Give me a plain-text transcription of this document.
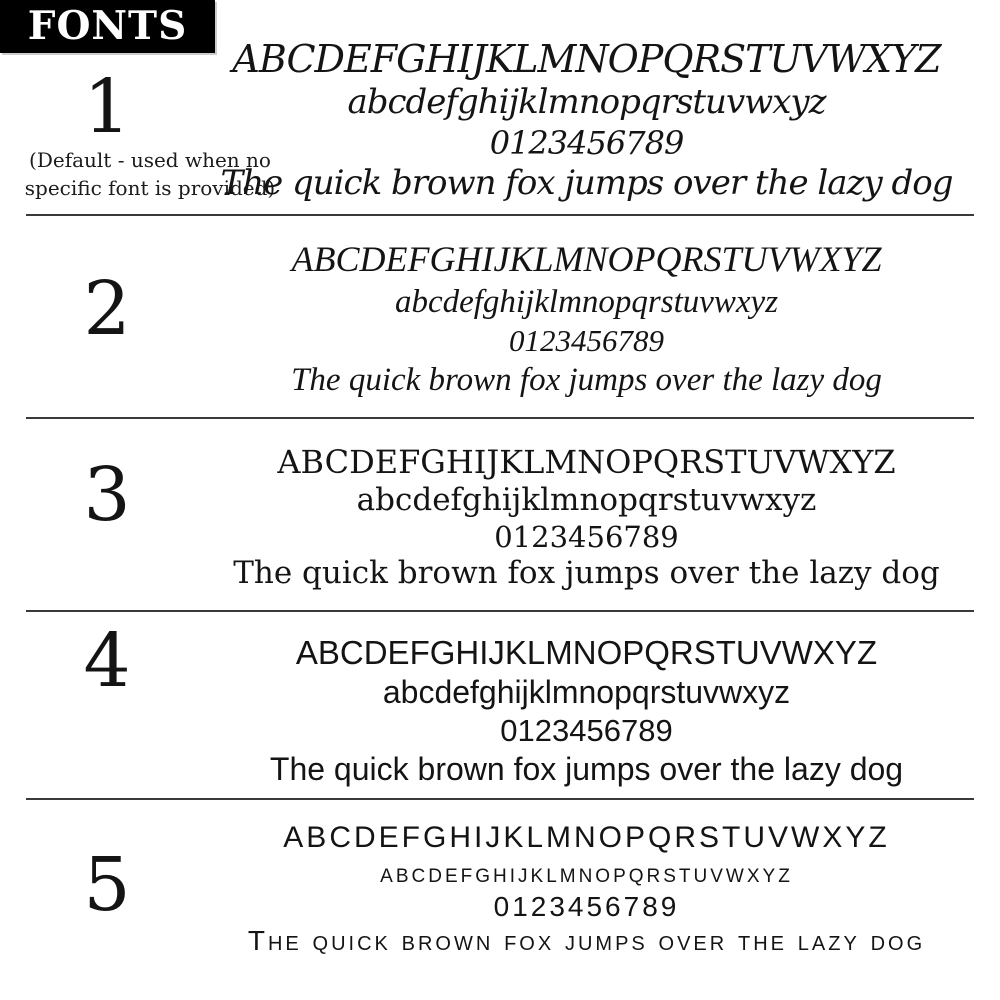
FONTS
1
2
3
4
5
(Default - used when no
specific font is provided)
ABCDEFGHIJKLMNOPQRSTUVWXYZ
abcdefghijklmnopqrstuvwxyz
0123456789
The quick brown fox jumps over the lazy dog
ABCDEFGHIJKLMNOPQRSTUVWXYZ
abcdefghijklmnopqrstuvwxyz
0123456789
The quick brown fox jumps over the lazy dog
ABCDEFGHIJKLMNOPQRSTUVWXYZ
abcdefghijklmnopqrstuvwxyz
0123456789
The quick brown fox jumps over the lazy dog
ABCDEFGHIJKLMNOPQRSTUVWXYZ
abcdefghijklmnopqrstuvwxyz
0123456789
The quick brown fox jumps over the lazy dog
ABCDEFGHIJKLMNOPQRSTUVWXYZ
abcdefghijklmnopqrstuvwxyz
0123456789
The quick brown fox jumps over the lazy dog
